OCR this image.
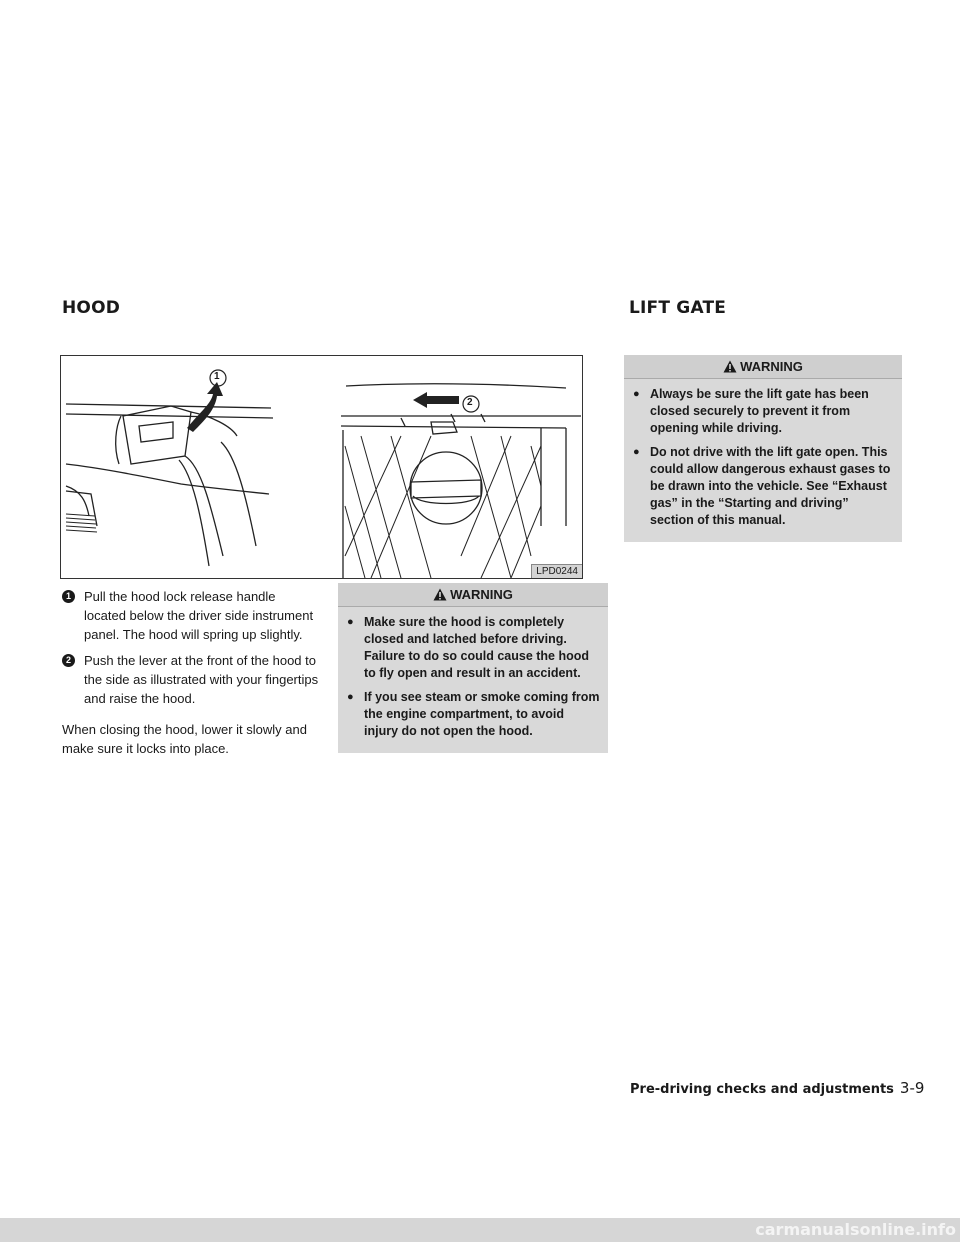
HOOD	LIFT GATE
1
2
LPD0244
1	Pull the hood lock release handle located below the driver side instrument panel. The hood will spring up slightly.
2	Push the lever at the front of the hood to the side as illustrated with your fingertips and raise the hood.

When closing the hood, lower it slowly and make sure it locks into place.

WARNING
● Make sure the hood is completely closed and latched before driving. Failure to do so could cause the hood to fly open and result in an accident.
● If you see steam or smoke coming from the engine compartment, to avoid injury do not open the hood.
WARNING
● Always be sure the lift gate has been closed securely to prevent it from opening while driving.
● Do not drive with the lift gate open. This could allow dangerous exhaust gases to be drawn into the vehicle. See “Exhaust gas” in the “Starting and driving” section of this manual.
Pre-driving checks and adjustments 3-9
carmanualsonline.info
